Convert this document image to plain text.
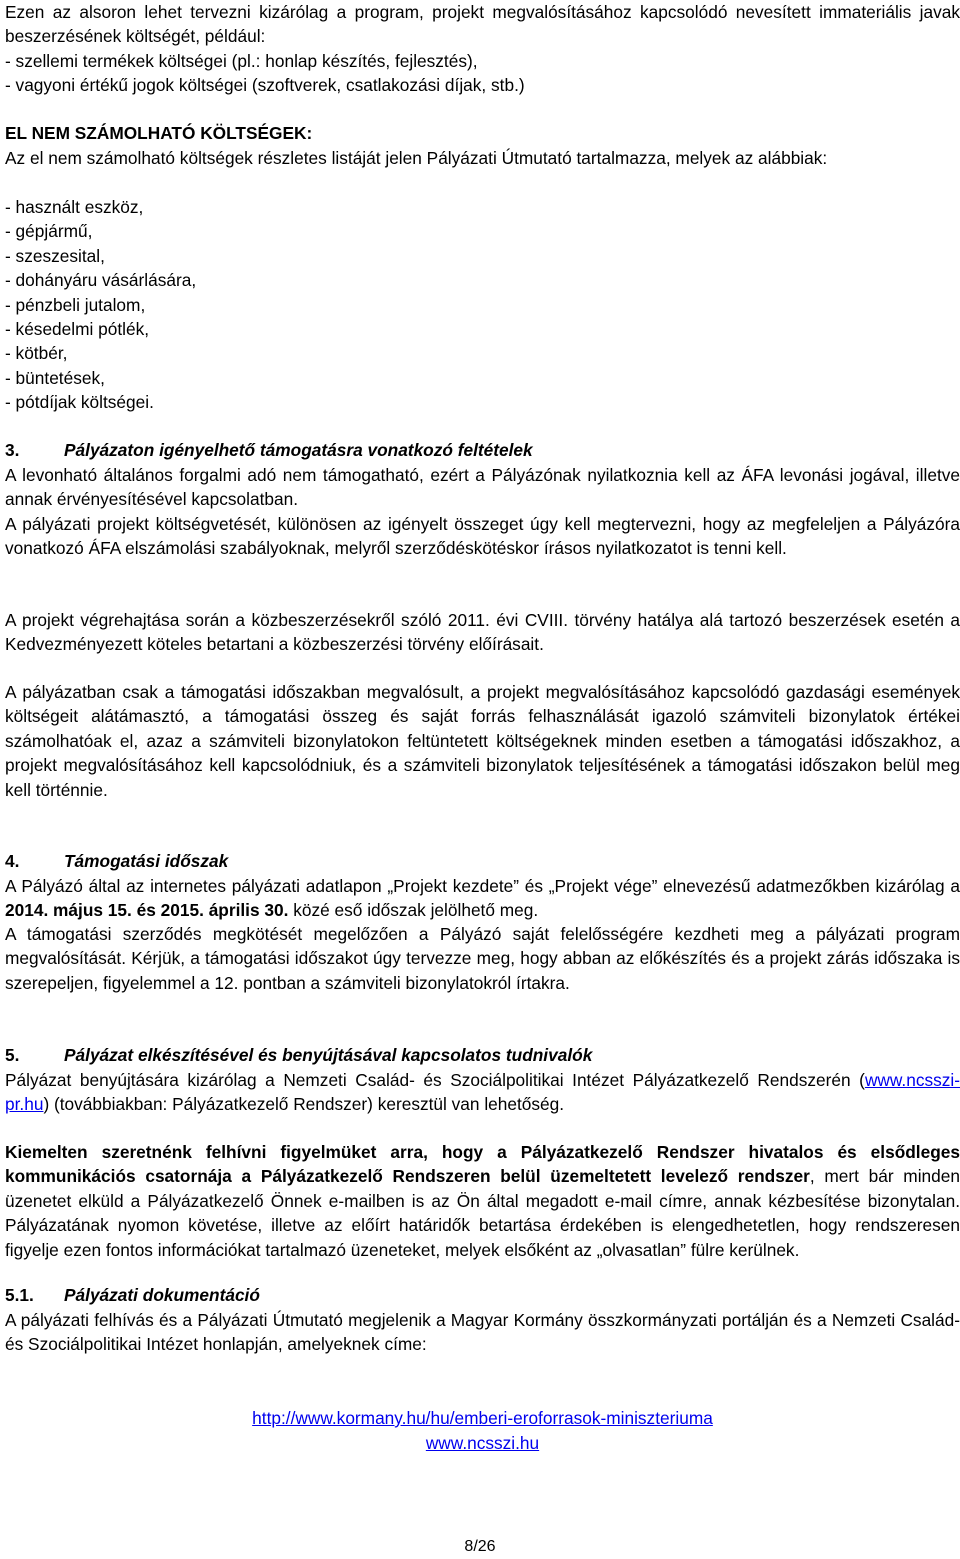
Ezen az alsoron lehet tervezni kizárólag a program, projekt megvalósításához kapcsolódó nevesített immateriális javak beszerzésének költségét, például:

- szellemi termékek költségei (pl.: honlap készítés, fejlesztés),

- vagyoni értékű jogok költségei (szoftverek, csatlakozási díjak, stb.)

EL NEM SZÁMOLHATÓ KÖLTSÉGEK:

Az el nem számolható költségek részletes listáját jelen Pályázati Útmutató tartalmazza, melyek az alábbiak:

- használt eszköz,

- gépjármű,

- szeszesital,

- dohányáru vásárlására,

- pénzbeli jutalom,

- késedelmi pótlék,

- kötbér,

- büntetések,

- pótdíjak költségei.

3.	Pályázaton igényelhető támogatásra vonatkozó feltételek

A levonható általános forgalmi adó nem támogatható, ezért a Pályázónak nyilatkoznia kell az ÁFA levonási jogával, illetve annak érvényesítésével kapcsolatban.

A pályázati projekt költségvetését, különösen az igényelt összeget úgy kell megtervezni, hogy az megfeleljen a Pályázóra vonatkozó ÁFA elszámolási szabályoknak, melyről szerződéskötéskor írásos nyilatkozatot is tenni kell.

A projekt végrehajtása során a közbeszerzésekről szóló 2011. évi CVIII. törvény hatálya alá tartozó beszerzések esetén a Kedvezményezett köteles betartani a közbeszerzési törvény előírásait.

A pályázatban csak a támogatási időszakban megvalósult, a projekt megvalósításához kapcsolódó gazdasági események költségeit alátámasztó, a támogatási összeg és saját forrás felhasználását igazoló számviteli bizonylatok értékei számolhatóak el, azaz a számviteli bizonylatokon feltüntetett költségeknek minden esetben a támogatási időszakhoz, a projekt megvalósításához kell kapcsolódniuk, és a számviteli bizonylatok teljesítésének a támogatási időszakon belül meg kell történnie.

4.	Támogatási időszak

A Pályázó által az internetes pályázati adatlapon „Projekt kezdete” és „Projekt vége” elnevezésű adatmezőkben kizárólag a 2014. május 15. és 2015. április 30. közé eső időszak jelölhető meg.

A támogatási szerződés megkötését megelőzően a Pályázó saját felelősségére kezdheti meg a pályázati program megvalósítását. Kérjük, a támogatási időszakot úgy tervezze meg, hogy abban az előkészítés és a projekt zárás időszaka is szerepeljen, figyelemmel a 12. pontban a számviteli bizonylatokról írtakra.

5.	Pályázat elkészítésével és benyújtásával kapcsolatos tudnivalók

Pályázat benyújtására kizárólag a Nemzeti Család- és Szociálpolitikai Intézet Pályázatkezelő Rendszerén (www.ncsszi-pr.hu) (továbbiakban: Pályázatkezelő Rendszer) keresztül van lehetőség.

Kiemelten szeretnénk felhívni figyelmüket arra, hogy a Pályázatkezelő Rendszer hivatalos és elsődleges kommunikációs csatornája a Pályázatkezelő Rendszeren belül üzemeltetett levelező rendszer, mert bár minden üzenetet elküld a Pályázatkezelő Önnek e-mailben is az Ön által megadott e-mail címre, annak kézbesítése bizonytalan. Pályázatának nyomon követése, illetve az előírt határidők betartása érdekében is elengedhetetlen, hogy rendszeresen figyelje ezen fontos információkat tartalmazó üzeneteket, melyek elsőként az „olvasatlan” fülre kerülnek.

5.1. Pályázati dokumentáció

A pályázati felhívás és a Pályázati Útmutató megjelenik a Magyar Kormány összkormányzati portálján és a Nemzeti Család- és Szociálpolitikai Intézet honlapján, amelyeknek címe:

http://www.kormany.hu/hu/emberi-eroforrasok-miniszteriuma

www.ncsszi.hu

8/26
